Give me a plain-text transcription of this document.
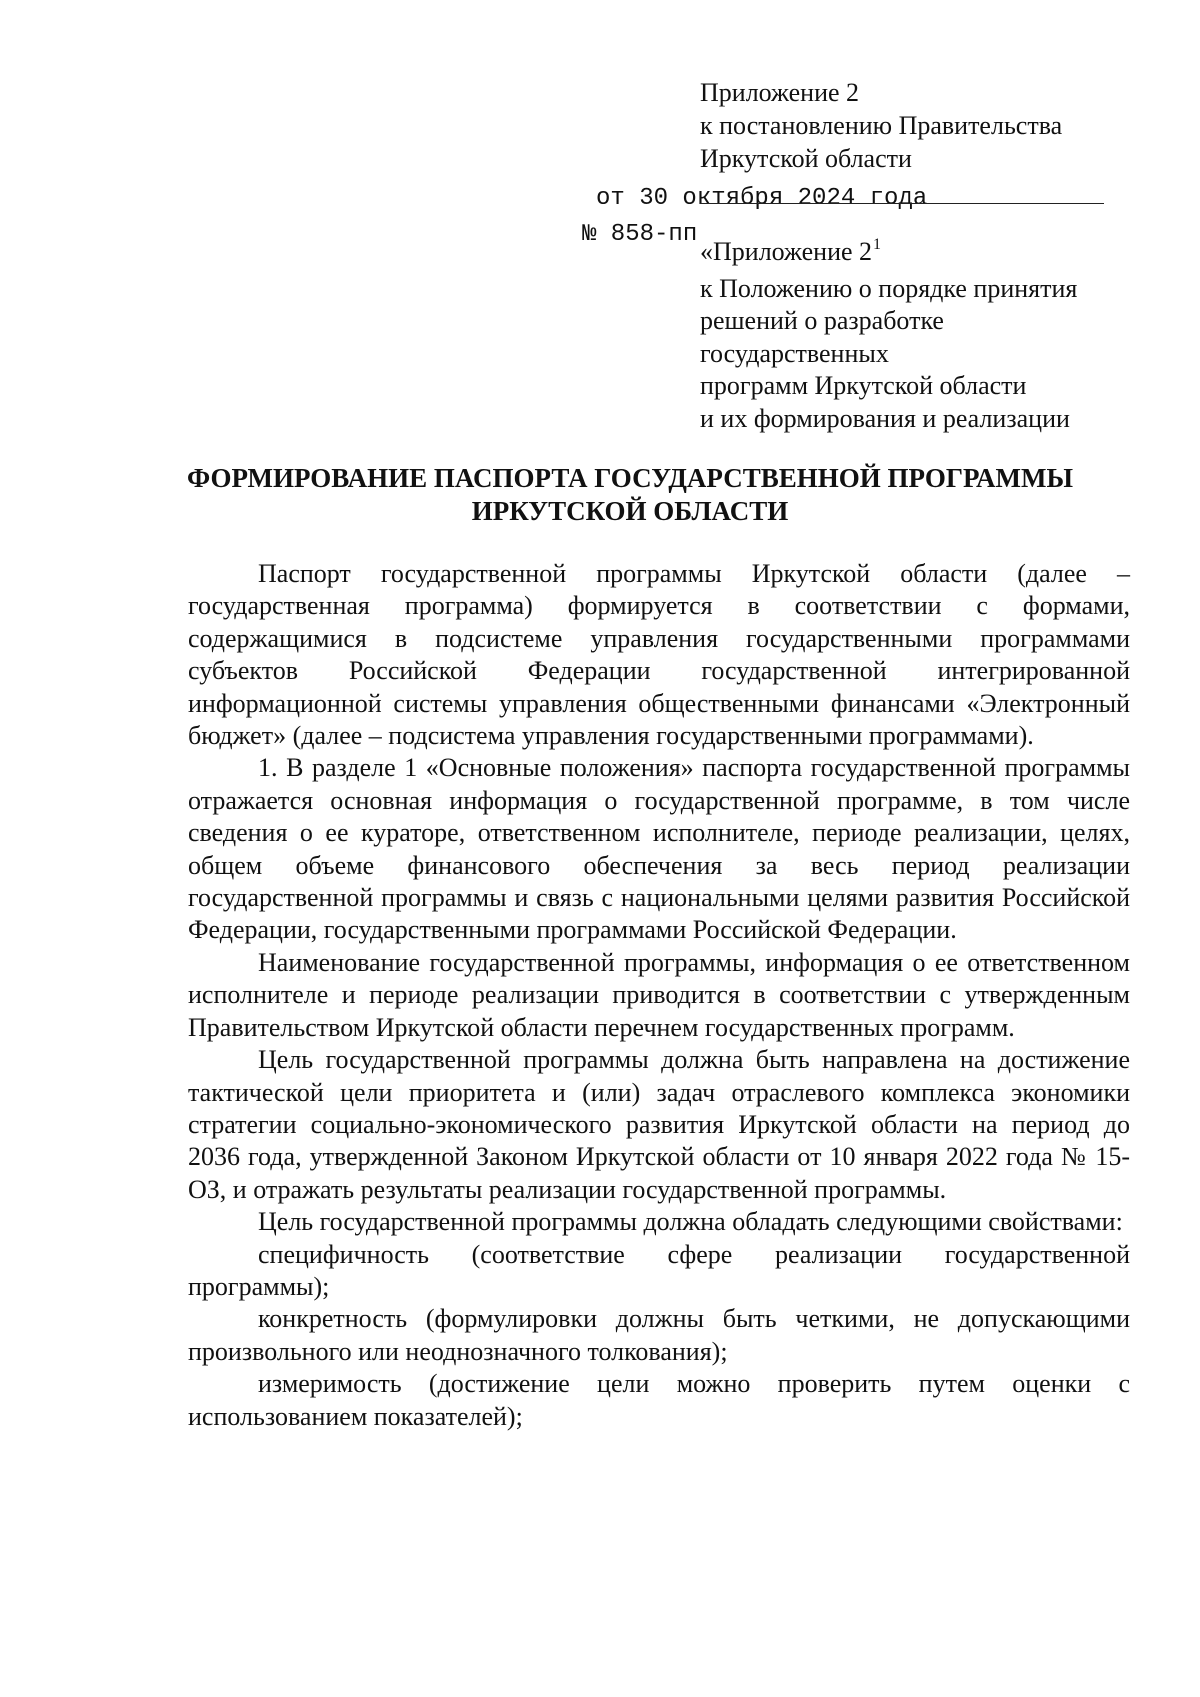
Приложение 2
к постановлению Правительства
Иркутской области
от 30 октября 2024 года
№ 858-пп
«Приложение $2^1$
к Положению о порядке принятия
решений о разработке
государственных
программ Иркутской области
и их формирования и реализации
ФОРМИРОВАНИЕ ПАСПОРТА ГОСУДАРСТВЕННОЙ ПРОГРАММЫ
ИРКУТСКОЙ ОБЛАСТИ

Паспорт государственной программы Иркутской области (далее – государственная программа) формируется в соответствии с формами, содержащимися в подсистеме управления государственными программами субъектов Российской Федерации государственной интегрированной информационной системы управления общественными финансами «Электронный бюджет» (далее – подсистема управления государственными программами).

1. В разделе 1 «Основные положения» паспорта государственной программы отражается основная информация о государственной программе, в том числе сведения о ее кураторе, ответственном исполнителе, периоде реализации, целях, общем объеме финансового обеспечения за весь период реализации государственной программы и связь с национальными целями развития Российской Федерации, государственными программами Российской Федерации.

Наименование государственной программы, информация о ее ответственном исполнителе и периоде реализации приводится в соответствии с утвержденным Правительством Иркутской области перечнем государственных программ.

Цель государственной программы должна быть направлена на достижение тактической цели приоритета и (или) задач отраслевого комплекса экономики стратегии социально-экономического развития Иркутской области на период до 2036 года, утвержденной Законом Иркутской области от 10 января 2022 года № 15-ОЗ, и отражать результаты реализации государственной программы.

Цель государственной программы должна обладать следующими свойствами:

специфичность (соответствие сфере реализации государственной программы);

конкретность (формулировки должны быть четкими, не допускающими произвольного или неоднозначного толкования);

измеримость (достижение цели можно проверить путем оценки с использованием показателей);
